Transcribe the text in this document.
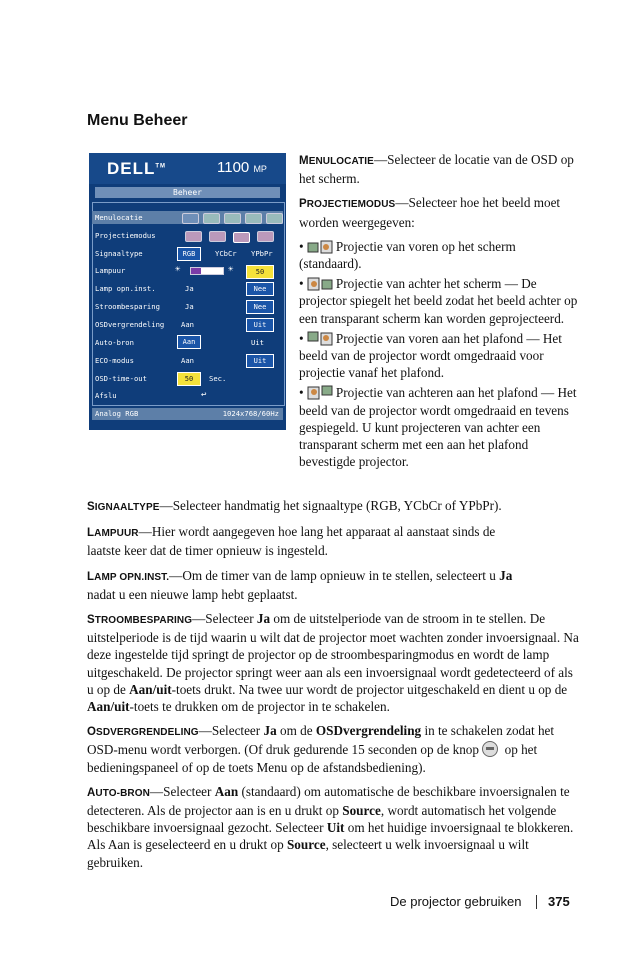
Menu Beheer
DELL™	1100 MP
Beheer
Menulocatie
Projectiemodus
Signaaltype	RGB	YCbCr YPbPr
Lampuur	☀	☀	50
Lamp opn.inst.	Ja	Nee
Stroombesparing	Ja	Nee
OSDvergrendeling Aan	Uit
Auto-bron	Aan	Uit
ECO-modus	Aan	Uit
OSD-time-out	50	Sec.
Afslu	↩
Analog RGB	1024x768/60Hz

MENULOCATIE—Selecteer de locatie van de OSD op het scherm.

PROJECTIEMODUS—Selecteer hoe het beeld moet worden weergegeven:

• Projectie van voren op het scherm (standaard).

• Projectie van achter het scherm — De projector spiegelt het beeld zodat het beeld achter op een transparant scherm kan worden geprojecteerd.

• Projectie van voren aan het plafond — Het beeld van de projector wordt omgedraaid voor projectie vanaf het plafond.

• Projectie van achteren aan het plafond — Het beeld van de projector wordt omgedraaid en tevens gespiegeld. U kunt projecteren van achter een transparant scherm met een aan het plafond bevestigde projector.

SIGNAALTYPE—Selecteer handmatig het signaaltype (RGB, YCbCr of YPbPr).

LAMPUUR—Hier wordt aangegeven hoe lang het apparaat al aanstaat sinds de laatste keer dat de timer opnieuw is ingesteld.

LAMP OPN.INST.—Om de timer van de lamp opnieuw in te stellen, selecteert u Ja nadat u een nieuwe lamp hebt geplaatst.

STROOMBESPARING—Selecteer Ja om de uitstelperiode van de stroom in te stellen. De uitstelperiode is de tijd waarin u wilt dat de projector moet wachten zonder invoersignaal. Na deze ingestelde tijd springt de projector op de stroombesparingmodus en wordt de lamp uitgeschakeld. De projector springt weer aan als een invoersignaal wordt gedetecteerd of als u op de Aan/uit-toets drukt. Na twee uur wordt de projector uitgeschakeld en dient u op de Aan/uit-toets te drukken om de projector in te schakelen.

OSDVERGRENDELING—Selecteer Ja om de OSDvergrendeling in te schakelen zodat het OSD-menu wordt verborgen. (Of druk gedurende 15 seconden op de knop  op het bedieningspaneel of op de toets Menu op de afstandsbediening).

AUTO-BRON—Selecteer Aan (standaard) om automatische de beschikbare invoersignalen te detecteren. Als de projector aan is en u drukt op Source, wordt automatisch het volgende beschikbare invoersignaal gezocht. Selecteer Uit om het huidige invoersignaal te blokkeren. Als Aan is geselecteerd en u drukt op Source, selecteert u welk invoersignaal u wilt gebruiken.

De projector gebruiken 375
